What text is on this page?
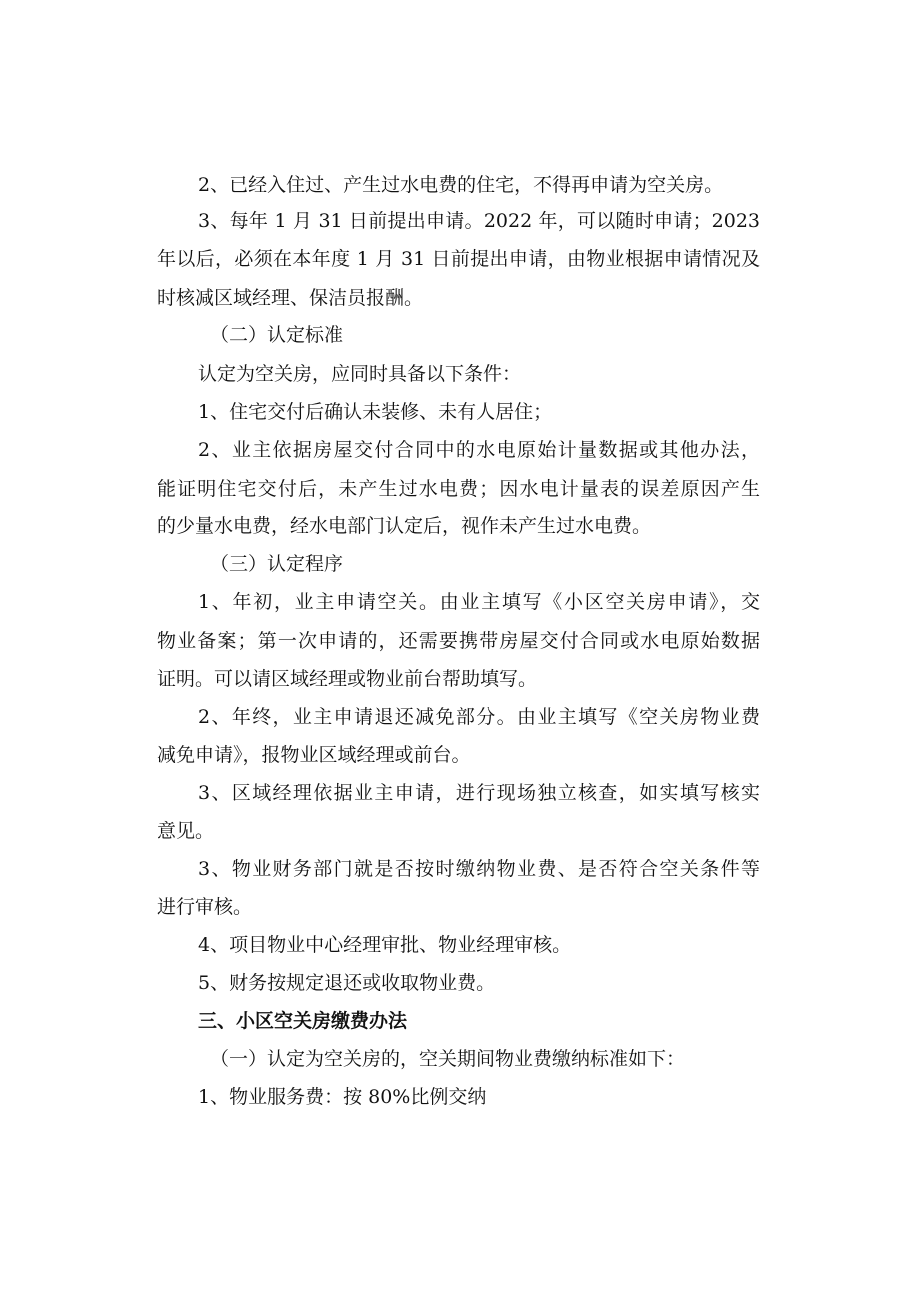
2、已经入住过、产生过水电费的住宅，不得再申请为空关房。
3、每年 1 月 31 日前提出申请。2022 年，可以随时申请；2023
年以后，必须在本年度 1 月 31 日前提出申请，由物业根据申请情况及
时核减区域经理、保洁员报酬。
（二）认定标准
认定为空关房，应同时具备以下条件：
1、住宅交付后确认未装修、未有人居住；
2、业主依据房屋交付合同中的水电原始计量数据或其他办法，
能证明住宅交付后，未产生过水电费；因水电计量表的误差原因产生
的少量水电费，经水电部门认定后，视作未产生过水电费。
（三）认定程序
1、年初，业主申请空关。由业主填写《小区空关房申请》，交
物业备案；第一次申请的，还需要携带房屋交付合同或水电原始数据
证明。可以请区域经理或物业前台帮助填写。
2、年终，业主申请退还减免部分。由业主填写《空关房物业费
减免申请》，报物业区域经理或前台。
3、区域经理依据业主申请，进行现场独立核查，如实填写核实
意见。
3、物业财务部门就是否按时缴纳物业费、是否符合空关条件等
进行审核。
4、项目物业中心经理审批、物业经理审核。
5、财务按规定退还或收取物业费。
三、小区空关房缴费办法
（一）认定为空关房的，空关期间物业费缴纳标准如下：
1、物业服务费：按 80%比例交纳
